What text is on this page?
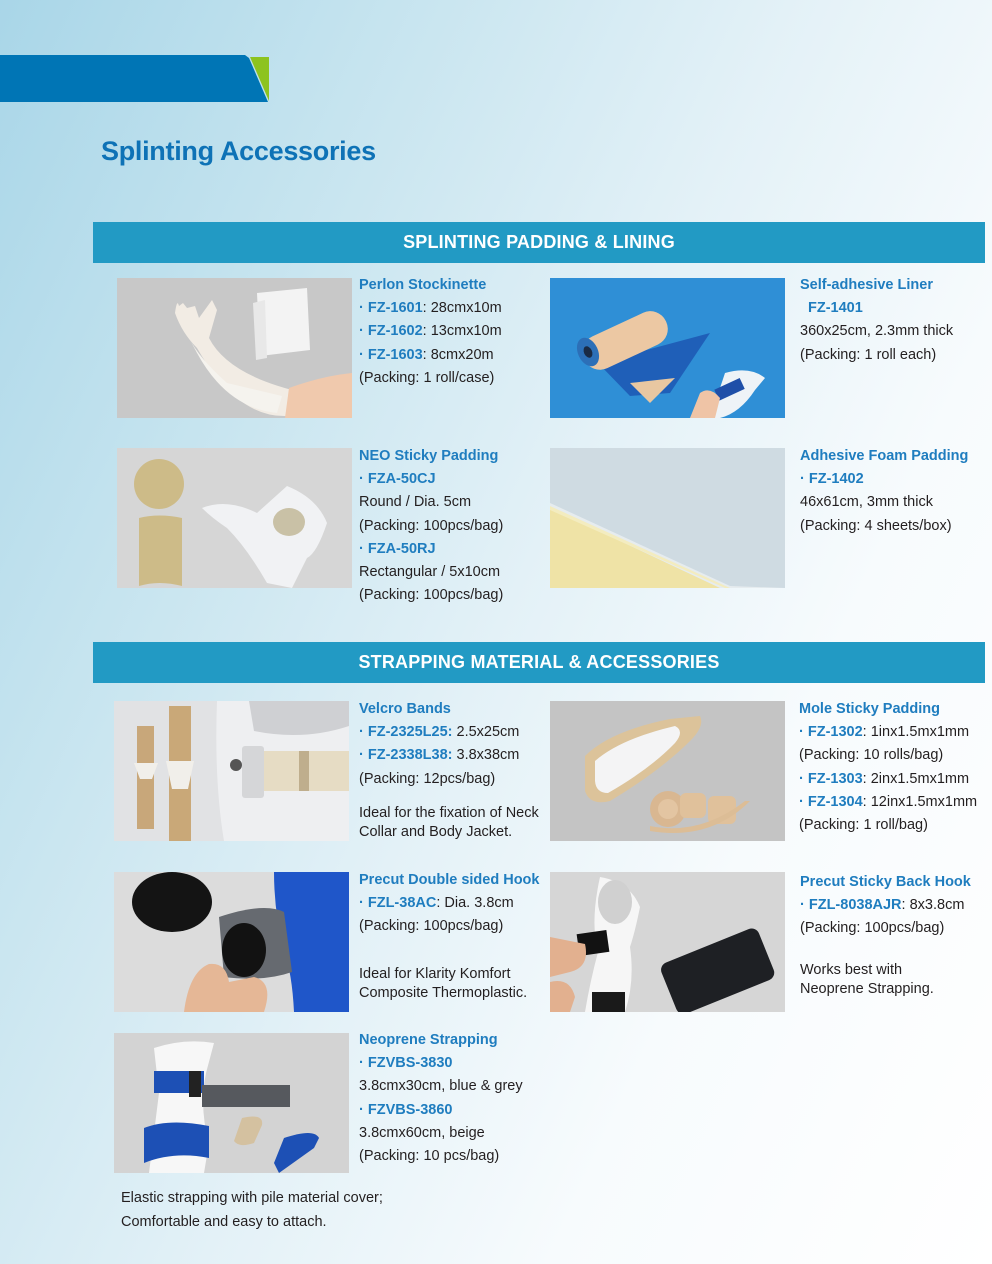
Splinting Accessories
SPLINTING PADDING & LINING
Perlon Stockinette
· FZ-1601: 28cmx10m
· FZ-1602: 13cmx10m
· FZ-1603: 8cmx20m
(Packing: 1 roll/case)
Self-adhesive Liner
FZ-1401
360x25cm, 2.3mm thick
(Packing: 1 roll each)
NEO Sticky Padding
· FZA-50CJ
Round / Dia. 5cm
(Packing: 100pcs/bag)
· FZA-50RJ
Rectangular / 5x10cm
(Packing: 100pcs/bag)
Adhesive Foam Padding
· FZ-1402
46x61cm, 3mm thick
(Packing: 4 sheets/box)
STRAPPING MATERIAL & ACCESSORIES
Velcro Bands
· FZ-2325L25: 2.5x25cm
· FZ-2338L38: 3.8x38cm
(Packing: 12pcs/bag)
Ideal for the fixation of Neck
Collar and Body Jacket.
Mole Sticky Padding
· FZ-1302: 1inx1.5mx1mm
(Packing: 10 rolls/bag)
· FZ-1303: 2inx1.5mx1mm
· FZ-1304: 12inx1.5mx1mm
(Packing: 1 roll/bag)
Precut Double sided Hook
· FZL-38AC: Dia. 3.8cm
(Packing: 100pcs/bag)
Ideal for Klarity Komfort
Composite Thermoplastic.
Precut Sticky Back Hook
· FZL-8038AJR: 8x3.8cm
(Packing: 100pcs/bag)
Works best with
Neoprene Strapping.
Neoprene Strapping
· FZVBS-3830
3.8cmx30cm, blue & grey
· FZVBS-3860
3.8cmx60cm, beige
(Packing: 10 pcs/bag)
Elastic strapping with pile material cover;
Comfortable and easy to attach.
